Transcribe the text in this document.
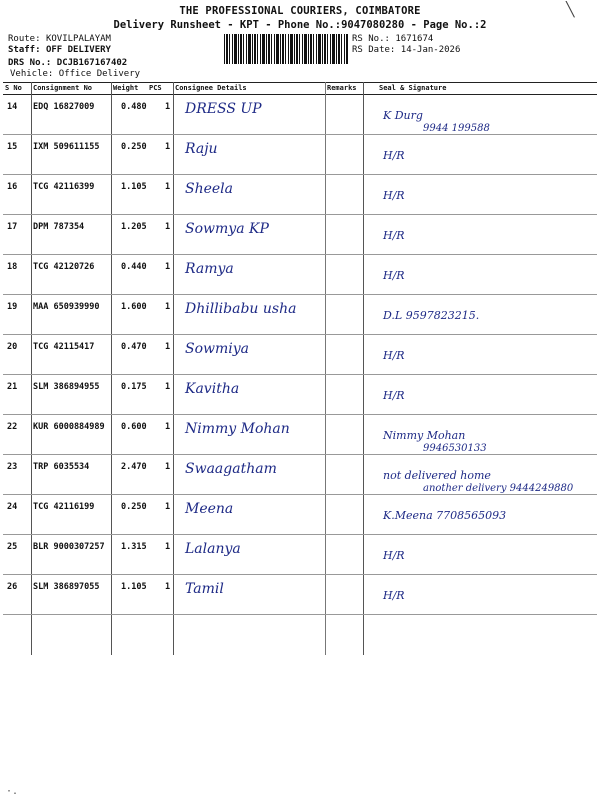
THE PROFESSIONAL COURIERS, COIMBATORE
Delivery Runsheet - KPT - Phone No.:9047080280 - Page No.:2
╲
Route: KOVILPALAYAM
Staff: OFF DELIVERY
DRS No.: DCJB167167402
Vehicle: Office Delivery
RS No.: 1671674
RS Date: 14-Jan-2026
S No Consignment No	Weight PCS Consignee Details	Remarks	Seal & Signature
14 EDQ 16827009	0.480 1 DRESS UP	K Durg
9944 199588
15 IXM 509611155	0.250 1 Raju	H/R
16 TCG 42116399	1.105 1 Sheela	H/R
17 DPM 787354	1.205 1 Sowmya KP	H/R
18 TCG 42120726	0.440 1 Ramya	H/R
19 MAA 650939990	1.600 1 Dhillibabu usha	D.L 9597823215.
20 TCG 42115417	0.470 1 Sowmiya	H/R
21 SLM 386894955	0.175 1 Kavitha	H/R
22 KUR 6000884989 0.600 1 Nimmy Mohan	Nimmy Mohan
9946530133
23 TRP 6035534	2.470 1 Swaagatham	not delivered home
another delivery 9444249880
24 TCG 42116199	0.250 1 Meena	K.Meena 7708565093
25 BLR 9000307257 1.315 1 Lalanya	H/R
26 SLM 386897055	1.105 1 Tamil	H/R
·.
